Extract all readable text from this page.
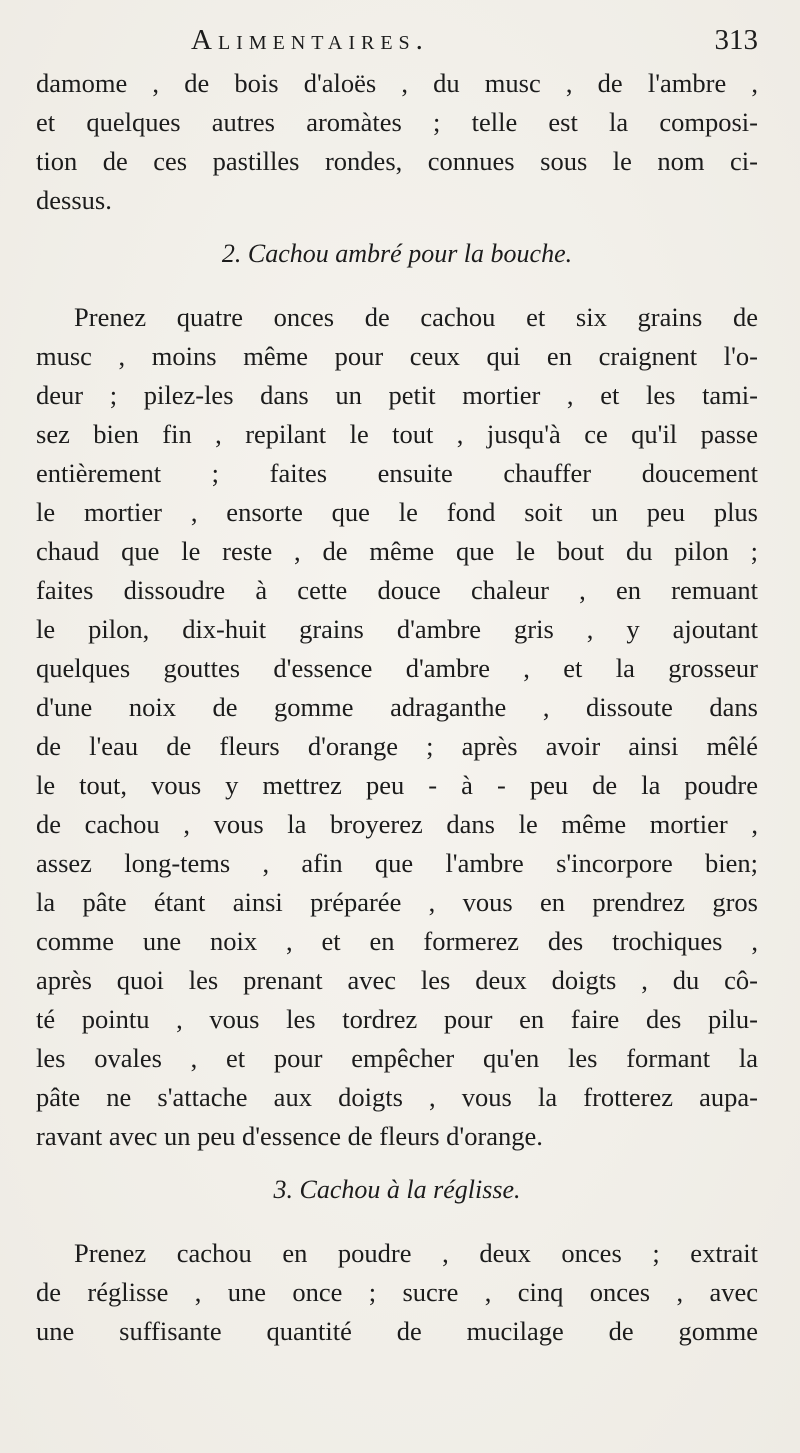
Alimentaires.	313
damome , de bois d'aloës , du musc , de l'ambre ,
et quelques autres aromàtes ; telle est la composi-
tion de ces pastilles rondes, connues sous le nom ci-
dessus.
2. Cachou ambré pour la bouche.
Prenez quatre onces de cachou et six grains de
musc , moins même pour ceux qui en craignent l'o-
deur ; pilez-les dans un petit mortier , et les tami-
sez bien fin , repilant le tout , jusqu'à ce qu'il passe
entièrement ; faites ensuite chauffer doucement
le mortier , ensorte que le fond soit un peu plus
chaud que le reste , de même que le bout du pilon ;
faites dissoudre à cette douce chaleur , en remuant
le pilon, dix-huit grains d'ambre gris , y ajoutant
quelques gouttes d'essence d'ambre , et la grosseur
d'une noix de gomme adraganthe , dissoute dans
de l'eau de fleurs d'orange ; après avoir ainsi mêlé
le tout, vous y mettrez peu - à - peu de la poudre
de cachou , vous la broyerez dans le même mortier ,
assez long-tems , afin que l'ambre s'incorpore bien;
la pâte étant ainsi préparée , vous en prendrez gros
comme une noix , et en formerez des trochiques ,
après quoi les prenant avec les deux doigts , du cô-
té pointu , vous les tordrez pour en faire des pilu-
les ovales , et pour empêcher qu'en les formant la
pâte ne s'attache aux doigts , vous la frotterez aupa-
ravant avec un peu d'essence de fleurs d'orange.
3. Cachou à la réglisse.
Prenez cachou en poudre , deux onces ; extrait
de réglisse , une once ; sucre , cinq onces , avec
une suffisante quantité de mucilage de gomme
